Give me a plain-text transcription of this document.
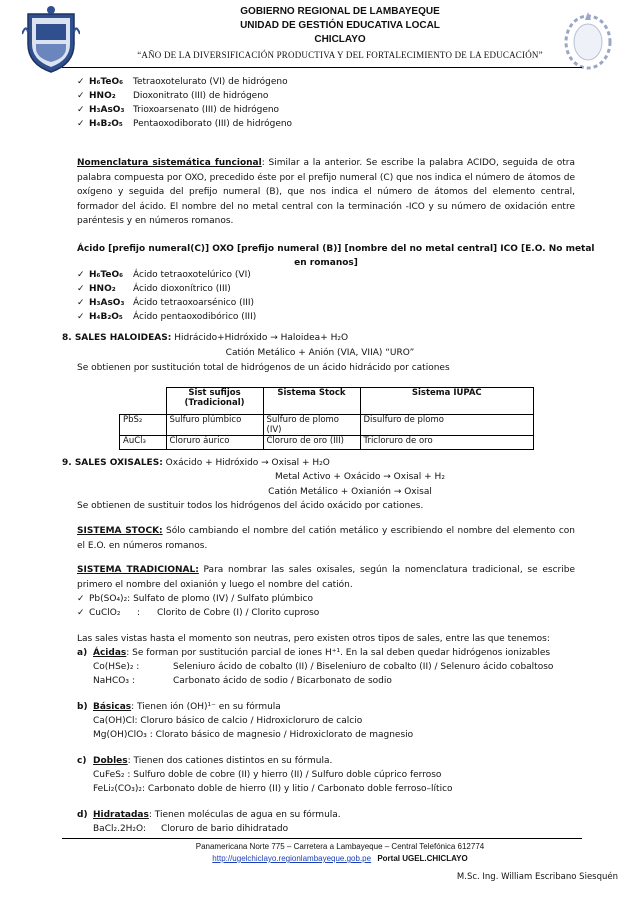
GOBIERNO REGIONAL DE LAMBAYEQUE
UNIDAD DE GESTIÓN EDUCATIVA LOCAL
CHICLAYO
“AÑO DE LA DIVERSIFICACIÓN PRODUCTIVA Y DEL FORTALECIMIENTO DE LA EDUCACIÓN”
✓ H₆TeO₆ Tetraoxotelurato (VI) de hidrógeno
✓ HNO₂ Dioxonitrato (III) de hidrógeno
✓ H₃AsO₃ Trioxoarsenato (III) de hidrógeno
✓ H₄B₂O₅ Pentaoxodiborato (III) de hidrógeno
Nomenclatura sistemática funcional: Similar a la anterior. Se escribe la palabra ACIDO, seguida de otra palabra compuesta por OXO, precedido éste por el prefijo numeral (C) que nos indica el número de átomos de oxígeno y seguida del prefijo numeral (B), que nos indica el número de átomos del elemento central, formador del ácido. El nombre del no metal central con la terminación -ICO y su número de oxidación entre paréntesis y en números romanos.
Ácido [prefijo numeral(C)] OXO [prefijo numeral (B)] [nombre del no metal central] ICO [E.O. No metal
en romanos]
✓ H₆TeO₆ Ácido tetraoxotelúrico (VI)
✓ HNO₂ Ácido dioxonítrico (III)
✓ H₃AsO₃ Ácido tetraoxoarsénico (III)
✓ H₄B₂O₅ Ácido pentaoxodibórico (III)
8. SALES HALOIDEAS: Hidrácido+Hidróxido → Haloidea+ H₂O
Catión Metálico + Anión (VIA, VIIA) “URO”
Se obtienen por sustitución total de hidrógenos de un ácido hidrácido por cationes
	Sist sufijos (Tradicional)	Sistema Stock	Sistema IUPAC
PbS₂	Sulfuro plúmbico	Sulfuro de plomo (IV)	Disulfuro de plomo
AuCl₃	Cloruro áurico	Cloruro de oro (III)	Tricloruro de oro
9. SALES OXISALES: Oxácido + Hidróxido → Oxisal + H₂O
Metal Activo + Oxácido → Oxisal + H₂
Catión Metálico + Oxianión → Oxisal
Se obtienen de sustituir todos los hidrógenos del ácido oxácido por cationes.
SISTEMA STOCK: Sólo cambiando el nombre del catión metálico y escribiendo el nombre del elemento con el E.O. en números romanos.
SISTEMA TRADICIONAL: Para nombrar las sales oxisales, según la nomenclatura tradicional, se escribe primero el nombre del oxianión y luego el nombre del catión.
✓ Pb(SO₄)₂: Sulfato de plomo (IV) / Sulfato plúmbico
✓ CuClO₂ : Clorito de Cobre (I) / Clorito cuproso
Las sales vistas hasta el momento son neutras, pero existen otros tipos de sales, entre las que tenemos:
a) Ácidas: Se forman por sustitución parcial de iones H⁺¹. En la sal deben quedar hidrógenos ionizables
Co(HSe)₂ :	Seleniuro ácido de cobalto (II) / Biseleniuro de cobalto (II) / Selenuro ácido cobaltoso
NaHCO₃ :	Carbonato ácido de sodio / Bicarbonato de sodio
b) Básicas: Tienen ión (OH)¹⁻ en su fórmula
Ca(OH)Cl: Cloruro básico de calcio / Hidroxicloruro de calcio
Mg(OH)ClO₃ : Clorato básico de magnesio / Hidroxiclorato de magnesio
c) Dobles: Tienen dos cationes distintos en su fórmula.
CuFeS₂ : Sulfuro doble de cobre (II) y hierro (II) / Sulfuro doble cúprico ferroso
FeLi₂(CO₃)₂: Carbonato doble de hierro (II) y litio / Carbonato doble ferroso–lítico
d) Hidratadas: Tienen moléculas de agua en su fórmula.
BaCl₂.2H₂O: Cloruro de bario dihidratado
Panamericana Norte 775 – Carretera a Lambayeque – Central Telefónica 612774
http://ugelchiclayo.regionlambayeque.gob.pe Portal UGEL.CHICLAYO
M.Sc. Ing. William Escribano Siesquén
